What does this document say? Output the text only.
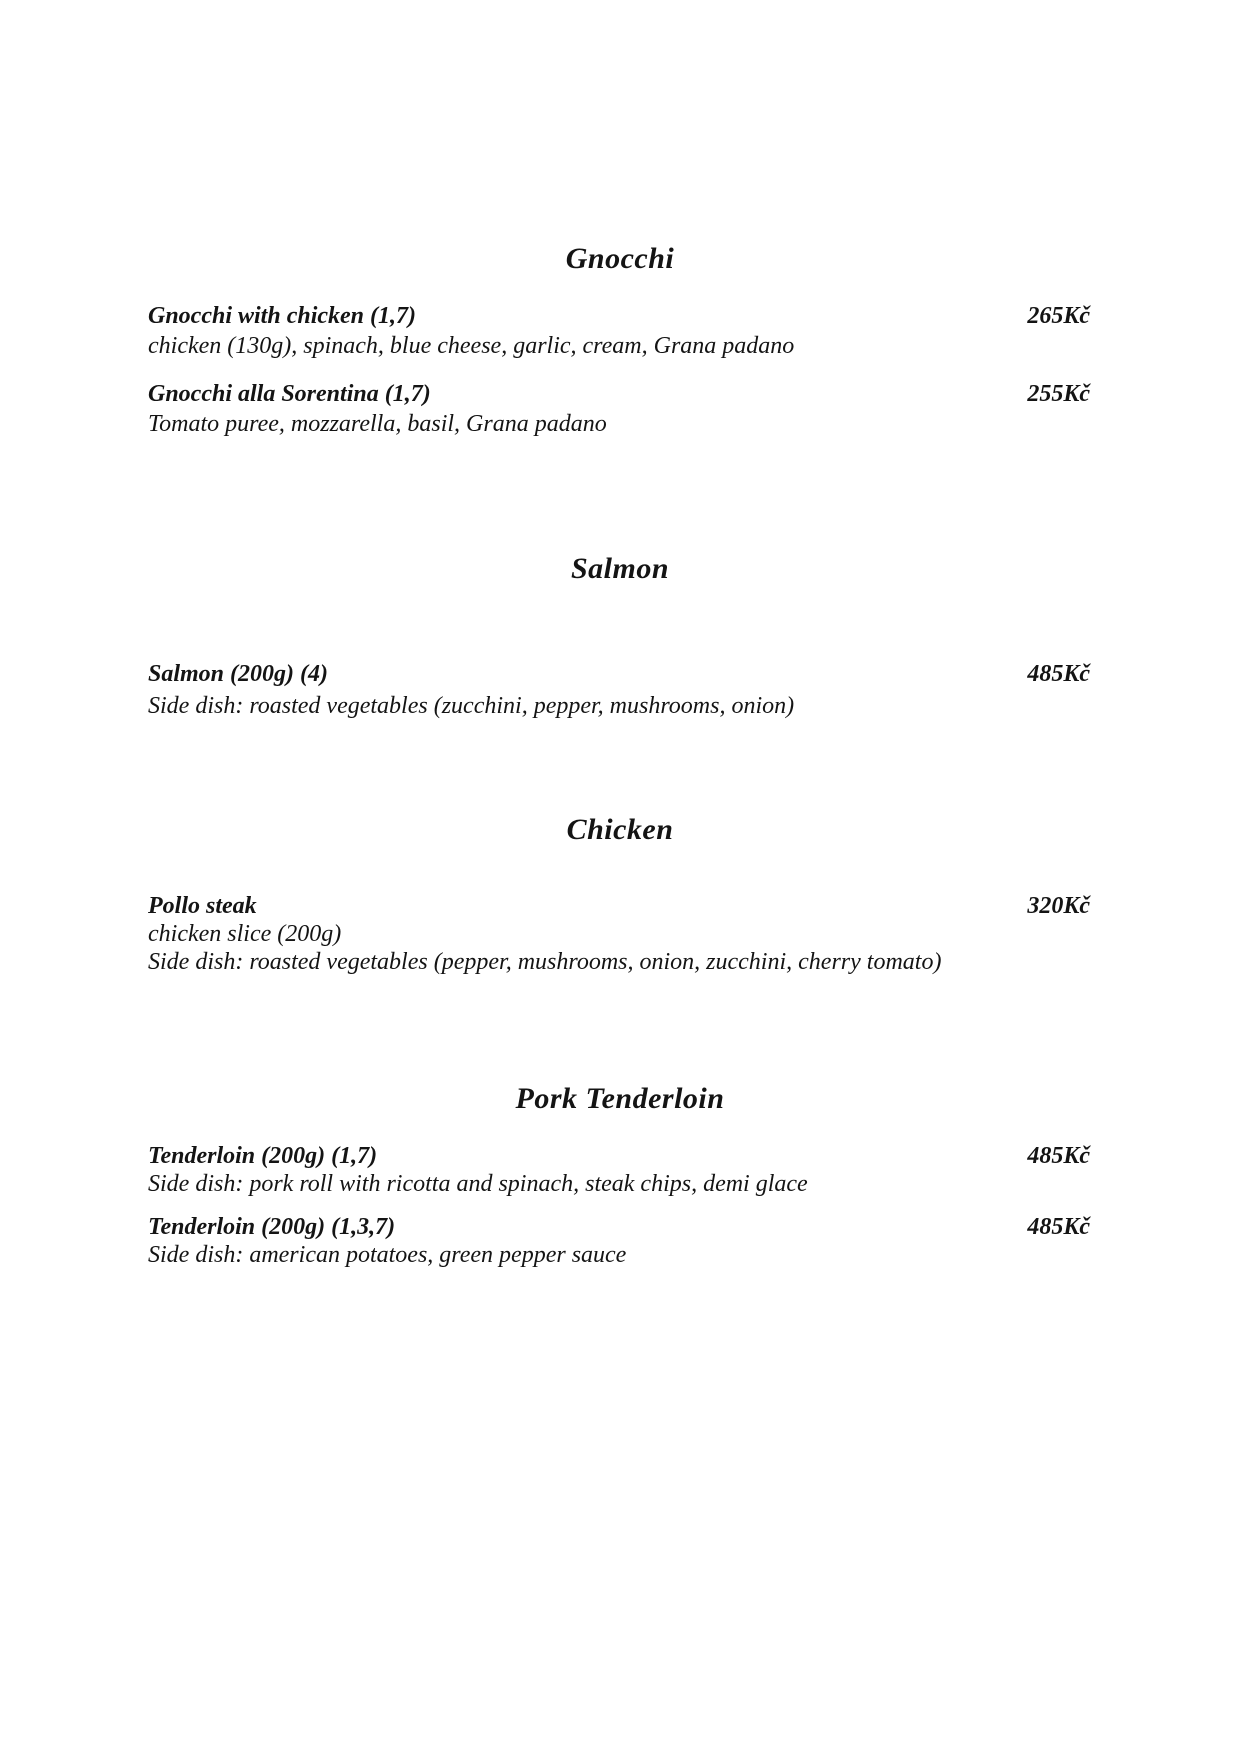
Gnocchi
Gnocchi with chicken (1,7)	265Kč
chicken (130g), spinach, blue cheese, garlic, cream, Grana padano
Gnocchi alla Sorentina (1,7)	255Kč
Tomato puree, mozzarella, basil, Grana padano
Salmon
Salmon (200g) (4)	485Kč
Side dish: roasted vegetables (zucchini, pepper, mushrooms, onion)
Chicken
Pollo steak	320Kč
chicken slice (200g)
Side dish: roasted vegetables (pepper, mushrooms, onion, zucchini, cherry tomato)
Pork Tenderloin
Tenderloin (200g) (1,7)	485Kč
Side dish: pork roll with ricotta and spinach, steak chips, demi glace
Tenderloin (200g) (1,3,7)	485Kč
Side dish: american potatoes, green pepper sauce
